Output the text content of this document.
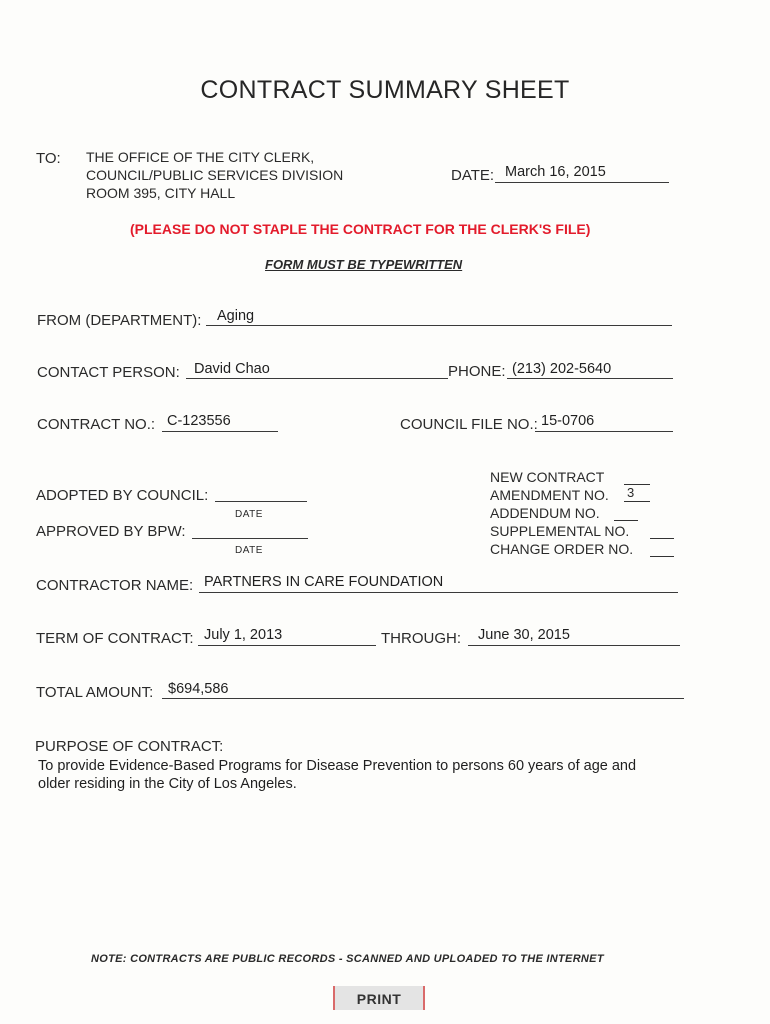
CONTRACT SUMMARY SHEET
TO: THE OFFICE OF THE CITY CLERK,
COUNCIL/PUBLIC SERVICES DIVISION
ROOM 395, CITY HALL
DATE: March 16, 2015
(PLEASE DO NOT STAPLE THE CONTRACT FOR THE CLERK'S FILE)
FORM MUST BE TYPEWRITTEN
FROM (DEPARTMENT): Aging
CONTACT PERSON: David Chao	PHONE: (213) 202-5640
CONTRACT NO.: C-123556	COUNCIL FILE NO.: 15-0706
ADOPTED BY COUNCIL:
DATE
APPROVED BY BPW:
DATE
NEW CONTRACT
AMENDMENT NO. 3
ADDENDUM NO.
SUPPLEMENTAL NO.
CHANGE ORDER NO.
CONTRACTOR NAME: PARTNERS IN CARE FOUNDATION
TERM OF CONTRACT: July 1, 2013	THROUGH: June 30, 2015
TOTAL AMOUNT: $694,586
PURPOSE OF CONTRACT:
To provide Evidence-Based Programs for Disease Prevention to persons 60 years of age and
older residing in the City of Los Angeles.
NOTE: CONTRACTS ARE PUBLIC RECORDS - SCANNED AND UPLOADED TO THE INTERNET
PRINT
